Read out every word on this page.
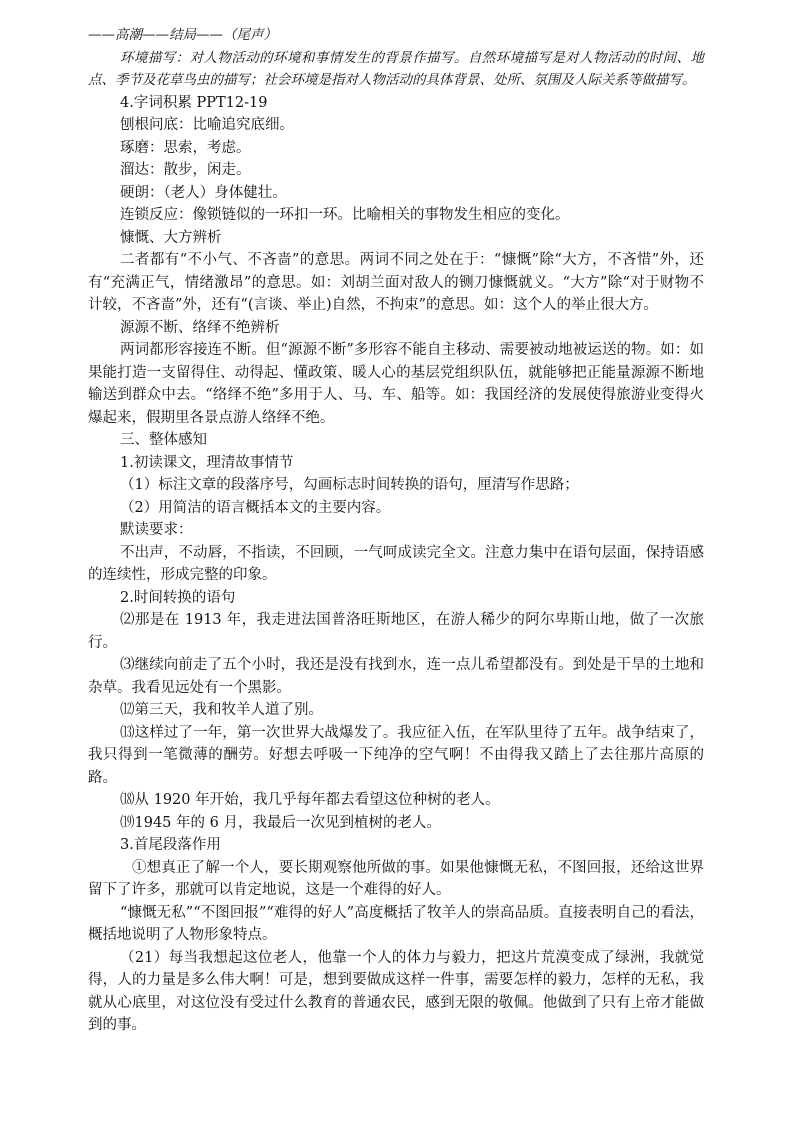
——高潮——结局——（尾声）

环境描写：对人物活动的环境和事情发生的背景作描写。自然环境描写是对人物活动的时间、地点、季节及花草鸟虫的描写；社会环境是指对人物活动的具体背景、处所、氛围及人际关系等做描写。

4.字词积累 PPT12-19

刨根问底：比喻追究底细。

琢磨：思索，考虑。

溜达：散步，闲走。

硬朗：（老人）身体健壮。

连锁反应：像锁链似的一环扣一环。比喻相关的事物发生相应的变化。

慷慨、大方辨析

二者都有“不小气、不吝啬”的意思。两词不同之处在于：“慷慨”除“大方，不吝惜”外，还有“充满正气，情绪激昂”的意思。如：刘胡兰面对敌人的铡刀慷慨就义。“大方”除“对于财物不计较，不吝啬”外，还有“(言谈、举止)自然，不拘束”的意思。如：这个人的举止很大方。

源源不断、络绎不绝辨析

两词都形容接连不断。但“源源不断”多形容不能自主移动、需要被动地被运送的物。如：如果能打造一支留得住、动得起、懂政策、暖人心的基层党组织队伍，就能够把正能量源源不断地输送到群众中去。“络绎不绝”多用于人、马、车、船等。如：我国经济的发展使得旅游业变得火爆起来，假期里各景点游人络绎不绝。

三、整体感知

1.初读课文，理清故事情节

（1）标注文章的段落序号，勾画标志时间转换的语句，厘清写作思路；

（2）用简洁的语言概括本文的主要内容。

默读要求：

不出声，不动唇，不指读，不回顾，一气呵成读完全文。注意力集中在语句层面，保持语感的连续性，形成完整的印象。

2.时间转换的语句

⑵那是在 1913 年，我走进法国普洛旺斯地区，在游人稀少的阿尔卑斯山地，做了一次旅行。

⑶继续向前走了五个小时，我还是没有找到水，连一点儿希望都没有。到处是干旱的土地和杂草。我看见远处有一个黑影。

⑿第三天，我和牧羊人道了别。

⒀这样过了一年，第一次世界大战爆发了。我应征入伍，在军队里待了五年。战争结束了，我只得到一笔微薄的酬劳。好想去呼吸一下纯净的空气啊！不由得我又踏上了去往那片高原的路。

⒅从 1920 年开始，我几乎每年都去看望这位种树的老人。

⒆1945 年的 6 月，我最后一次见到植树的老人。

3.首尾段落作用

①想真正了解一个人，要长期观察他所做的事。如果他慷慨无私，不图回报，还给这世界留下了许多，那就可以肯定地说，这是一个难得的好人。

“慷慨无私”“不图回报”“难得的好人”高度概括了牧羊人的崇高品质。直接表明自己的看法，概括地说明了人物形象特点。

（21）每当我想起这位老人，他靠一个人的体力与毅力，把这片荒漠变成了绿洲，我就觉得，人的力量是多么伟大啊！可是，想到要做成这样一件事，需要怎样的毅力，怎样的无私，我就从心底里，对这位没有受过什么教育的普通农民，感到无限的敬佩。他做到了只有上帝才能做到的事。
